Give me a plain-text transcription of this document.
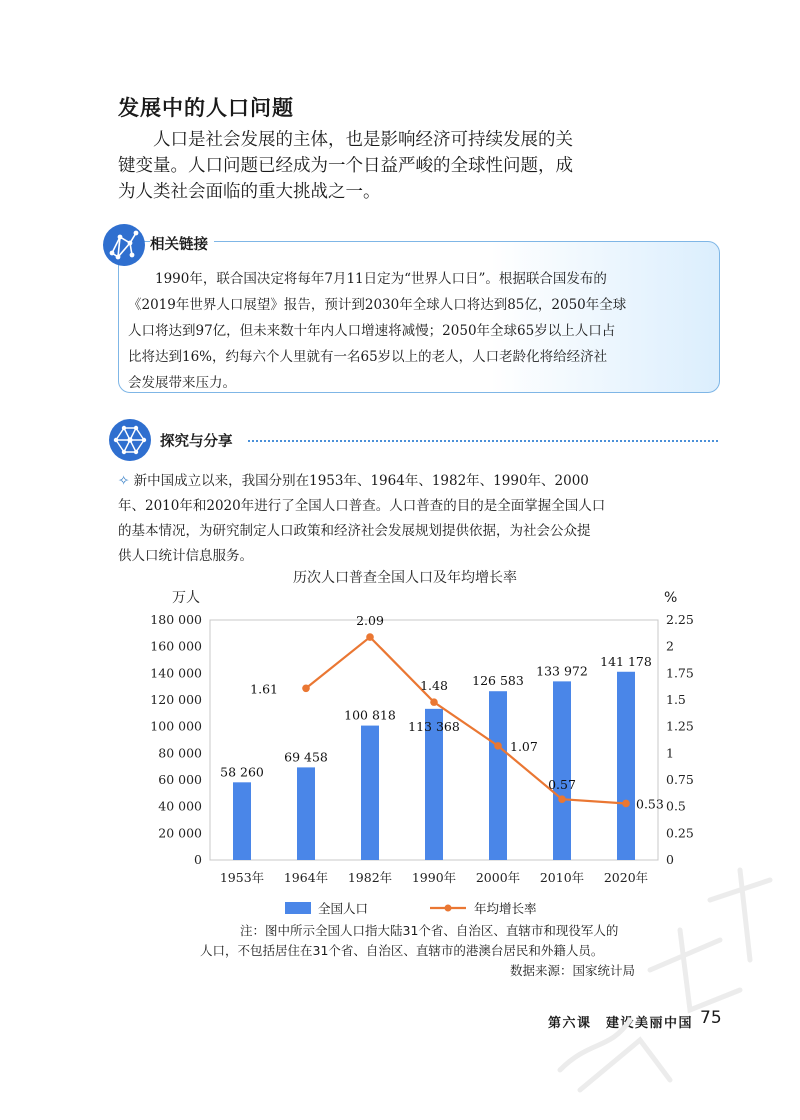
发展中的人口问题
　　人口是社会发展的主体，也是影响经济可持续发展的关
键变量。人口问题已经成为一个日益严峻的全球性问题，成
为人类社会面临的重大挑战之一。
相关链接
　　1990年，联合国决定将每年7月11日定为“世界人口日”。根据联合国发布的
《2019年世界人口展望》报告，预计到2030年全球人口将达到85亿，2050年全球
人口将达到97亿，但未来数十年内人口增速将减慢；2050年全球65岁以上人口占
比将达到16%，约每六个人里就有一名65岁以上的老人，人口老龄化将给经济社
会发展带来压力。
探究与分享
✧ 新中国成立以来，我国分别在1953年、1964年、1982年、1990年、2000
年、2010年和2020年进行了全国人口普查。人口普查的目的是全面掌握全国人口
的基本情况，为研究制定人口政策和经济社会发展规划提供依据，为社会公众提
供人口统计信息服务。
历次人口普查全国人口及年均增长率
万人	%
0
20 000
40 000
60 000
80 000
100 000
120 000
140 000
160 000
180 000
0
0.25
0.5
0.75
1
1.25
1.5
1.75
2
2.25
58 260
69 458
100 818
113 368
126 583
133 972
141 178
1.61
2.09
1.48
1.07
0.57
0.53
1953年 1964年 1982年 1990年 2000年 2010年 2020年
全国人口	年均增长率
注：图中所示全国人口指大陆31个省、自治区、直辖市和现役军人的
人口，不包括居住在31个省、自治区、直辖市的港澳台居民和外籍人员。
数据来源：国家统计局
第六课　建设美丽中国 75
